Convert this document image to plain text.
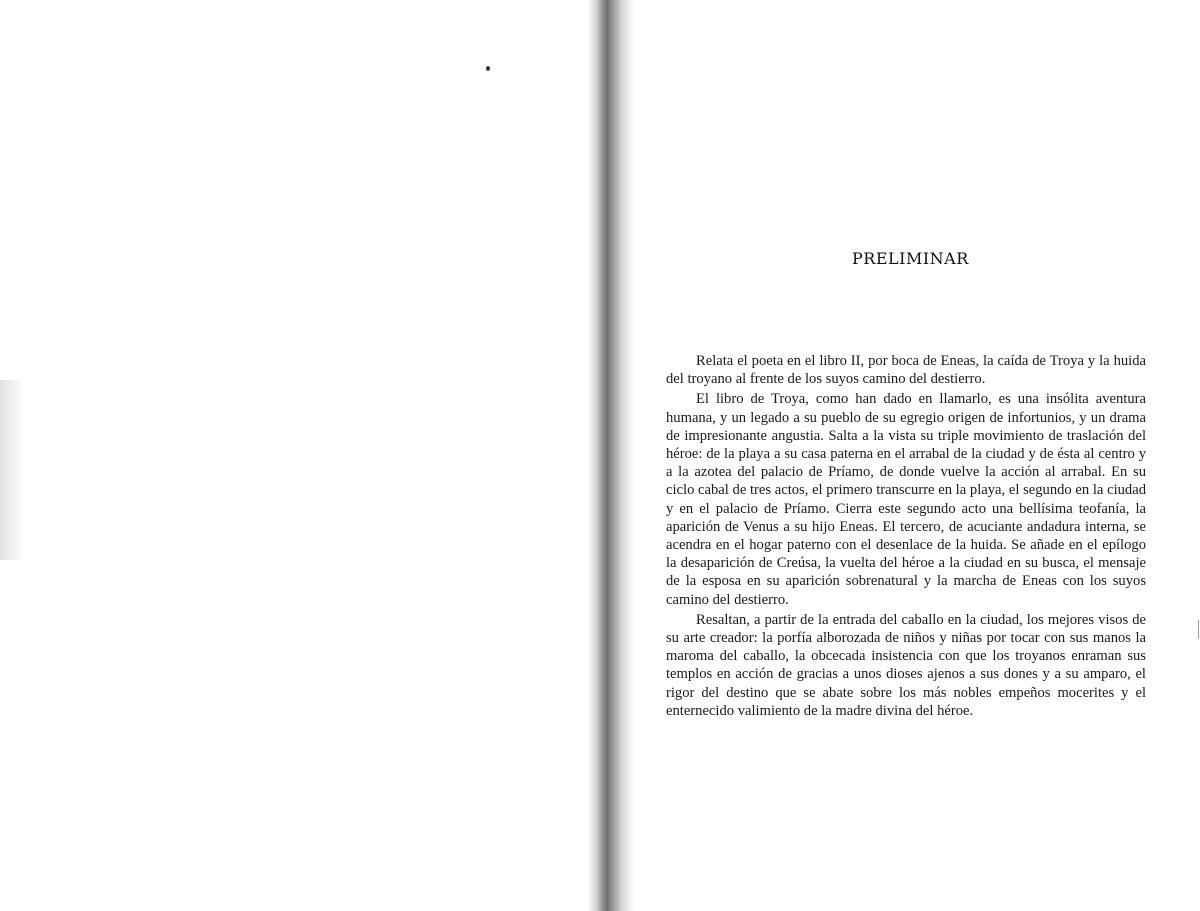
PRELIMINAR

Relata el poeta en el libro II, por boca de Eneas, la caída de Troya y la huida del troyano al frente de los suyos camino del destierro.

El libro de Troya, como han dado en llamarlo, es una insólita aventura humana, y un legado a su pueblo de su egregio origen de infortunios, y un drama de impresionante angustia. Salta a la vista su triple movimiento de traslación del héroe: de la playa a su casa paterna en el arrabal de la ciudad y de ésta al centro y a la azotea del palacio de Príamo, de donde vuelve la acción al arrabal. En su ciclo cabal de tres actos, el primero transcurre en la playa, el segundo en la ciudad y en el palacio de Príamo. Cierra este segundo acto una bellísima teofanía, la aparición de Venus a su hijo Eneas. El tercero, de acuciante andadura interna, se acendra en el hogar paterno con el desenlace de la huida. Se añade en el epílogo la desaparición de Creúsa, la vuelta del héroe a la ciudad en su busca, el mensaje de la esposa en su aparición sobrenatural y la marcha de Eneas con los suyos camino del destierro.

Resaltan, a partir de la entrada del caballo en la ciudad, los mejores visos de su arte creador: la porfía alborozada de niños y niñas por tocar con sus manos la maroma del caballo, la obcecada insistencia con que los troyanos enraman sus templos en acción de gracias a unos dioses ajenos a sus dones y a su amparo, el rigor del destino que se abate sobre los más nobles empeños mocerites y el enternecido valimiento de la madre divina del héroe.
